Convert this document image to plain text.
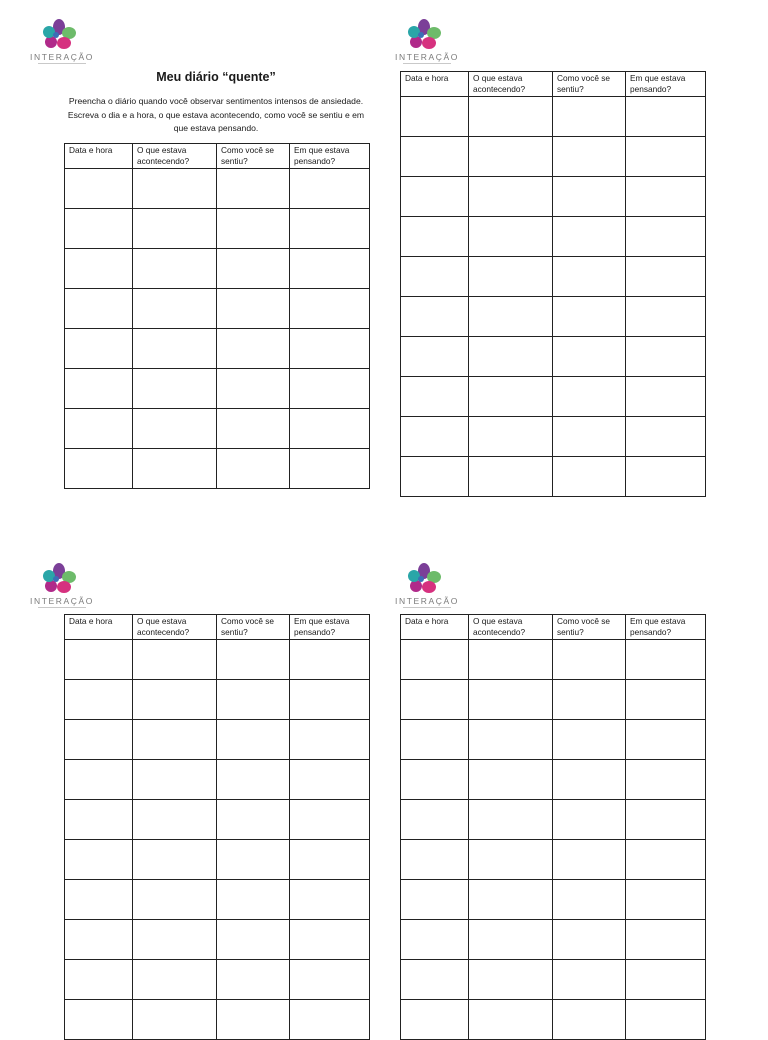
INTERAÇÃO	INTERAÇÃO
INTERAÇÃO	INTERAÇÃO
Meu diário “quente”

Preencha o diário quando você observar sentimentos intensos de ansiedade. Escreva o dia e a hora, o que estava acontecendo, como você se sentiu e em que estava pensando.

Data e hora	O que estava acontecendo?	Como você se sentiu?	Em que estava pensando?

Data e hora	O que estava acontecendo?	Como você se sentiu?	Em que estava pensando?

Data e hora	O que estava acontecendo?	Como você se sentiu?	Em que estava pensando?

Data e hora	O que estava acontecendo?	Como você se sentiu?	Em que estava pensando?
